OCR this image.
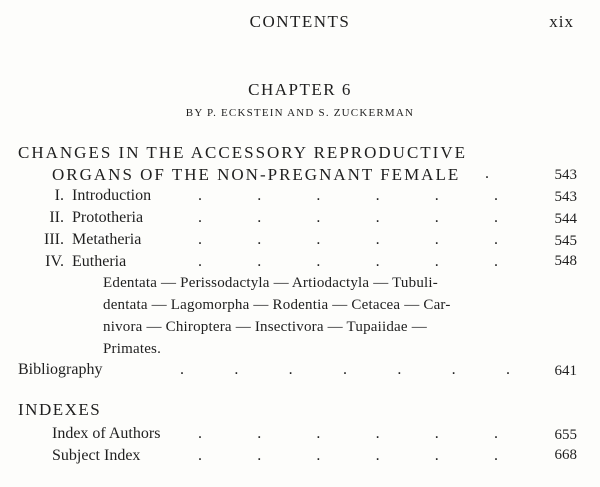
CONTENTS	xix
CHAPTER 6
BY P. ECKSTEIN AND S. ZUCKERMAN
CHANGES IN THE ACCESSORY REPRODUCTIVE
ORGANS OF THE NON-PREGNANT FEMALE .	543
I. Introduction	.	.	.	.	.	.	543
II. Prototheria	.	.	.	.	.	.	544
III. Metatheria	.	.	.	.	.	.	545
IV. Eutheria	.	.	.	.	.	.	548
Edentata — Perissodactyla — Artiodactyla — Tubuli-
dentata — Lagomorpha — Rodentia — Cetacea — Car-
nivora — Chiroptera — Insectivora — Tupaiidae —
Primates.
Bibliography	.	.	.	.	.	.	.	641
INDEXES
Index of Authors .	.	.	.	.	.	655
Subject Index	.	.	.	.	.	.	668
